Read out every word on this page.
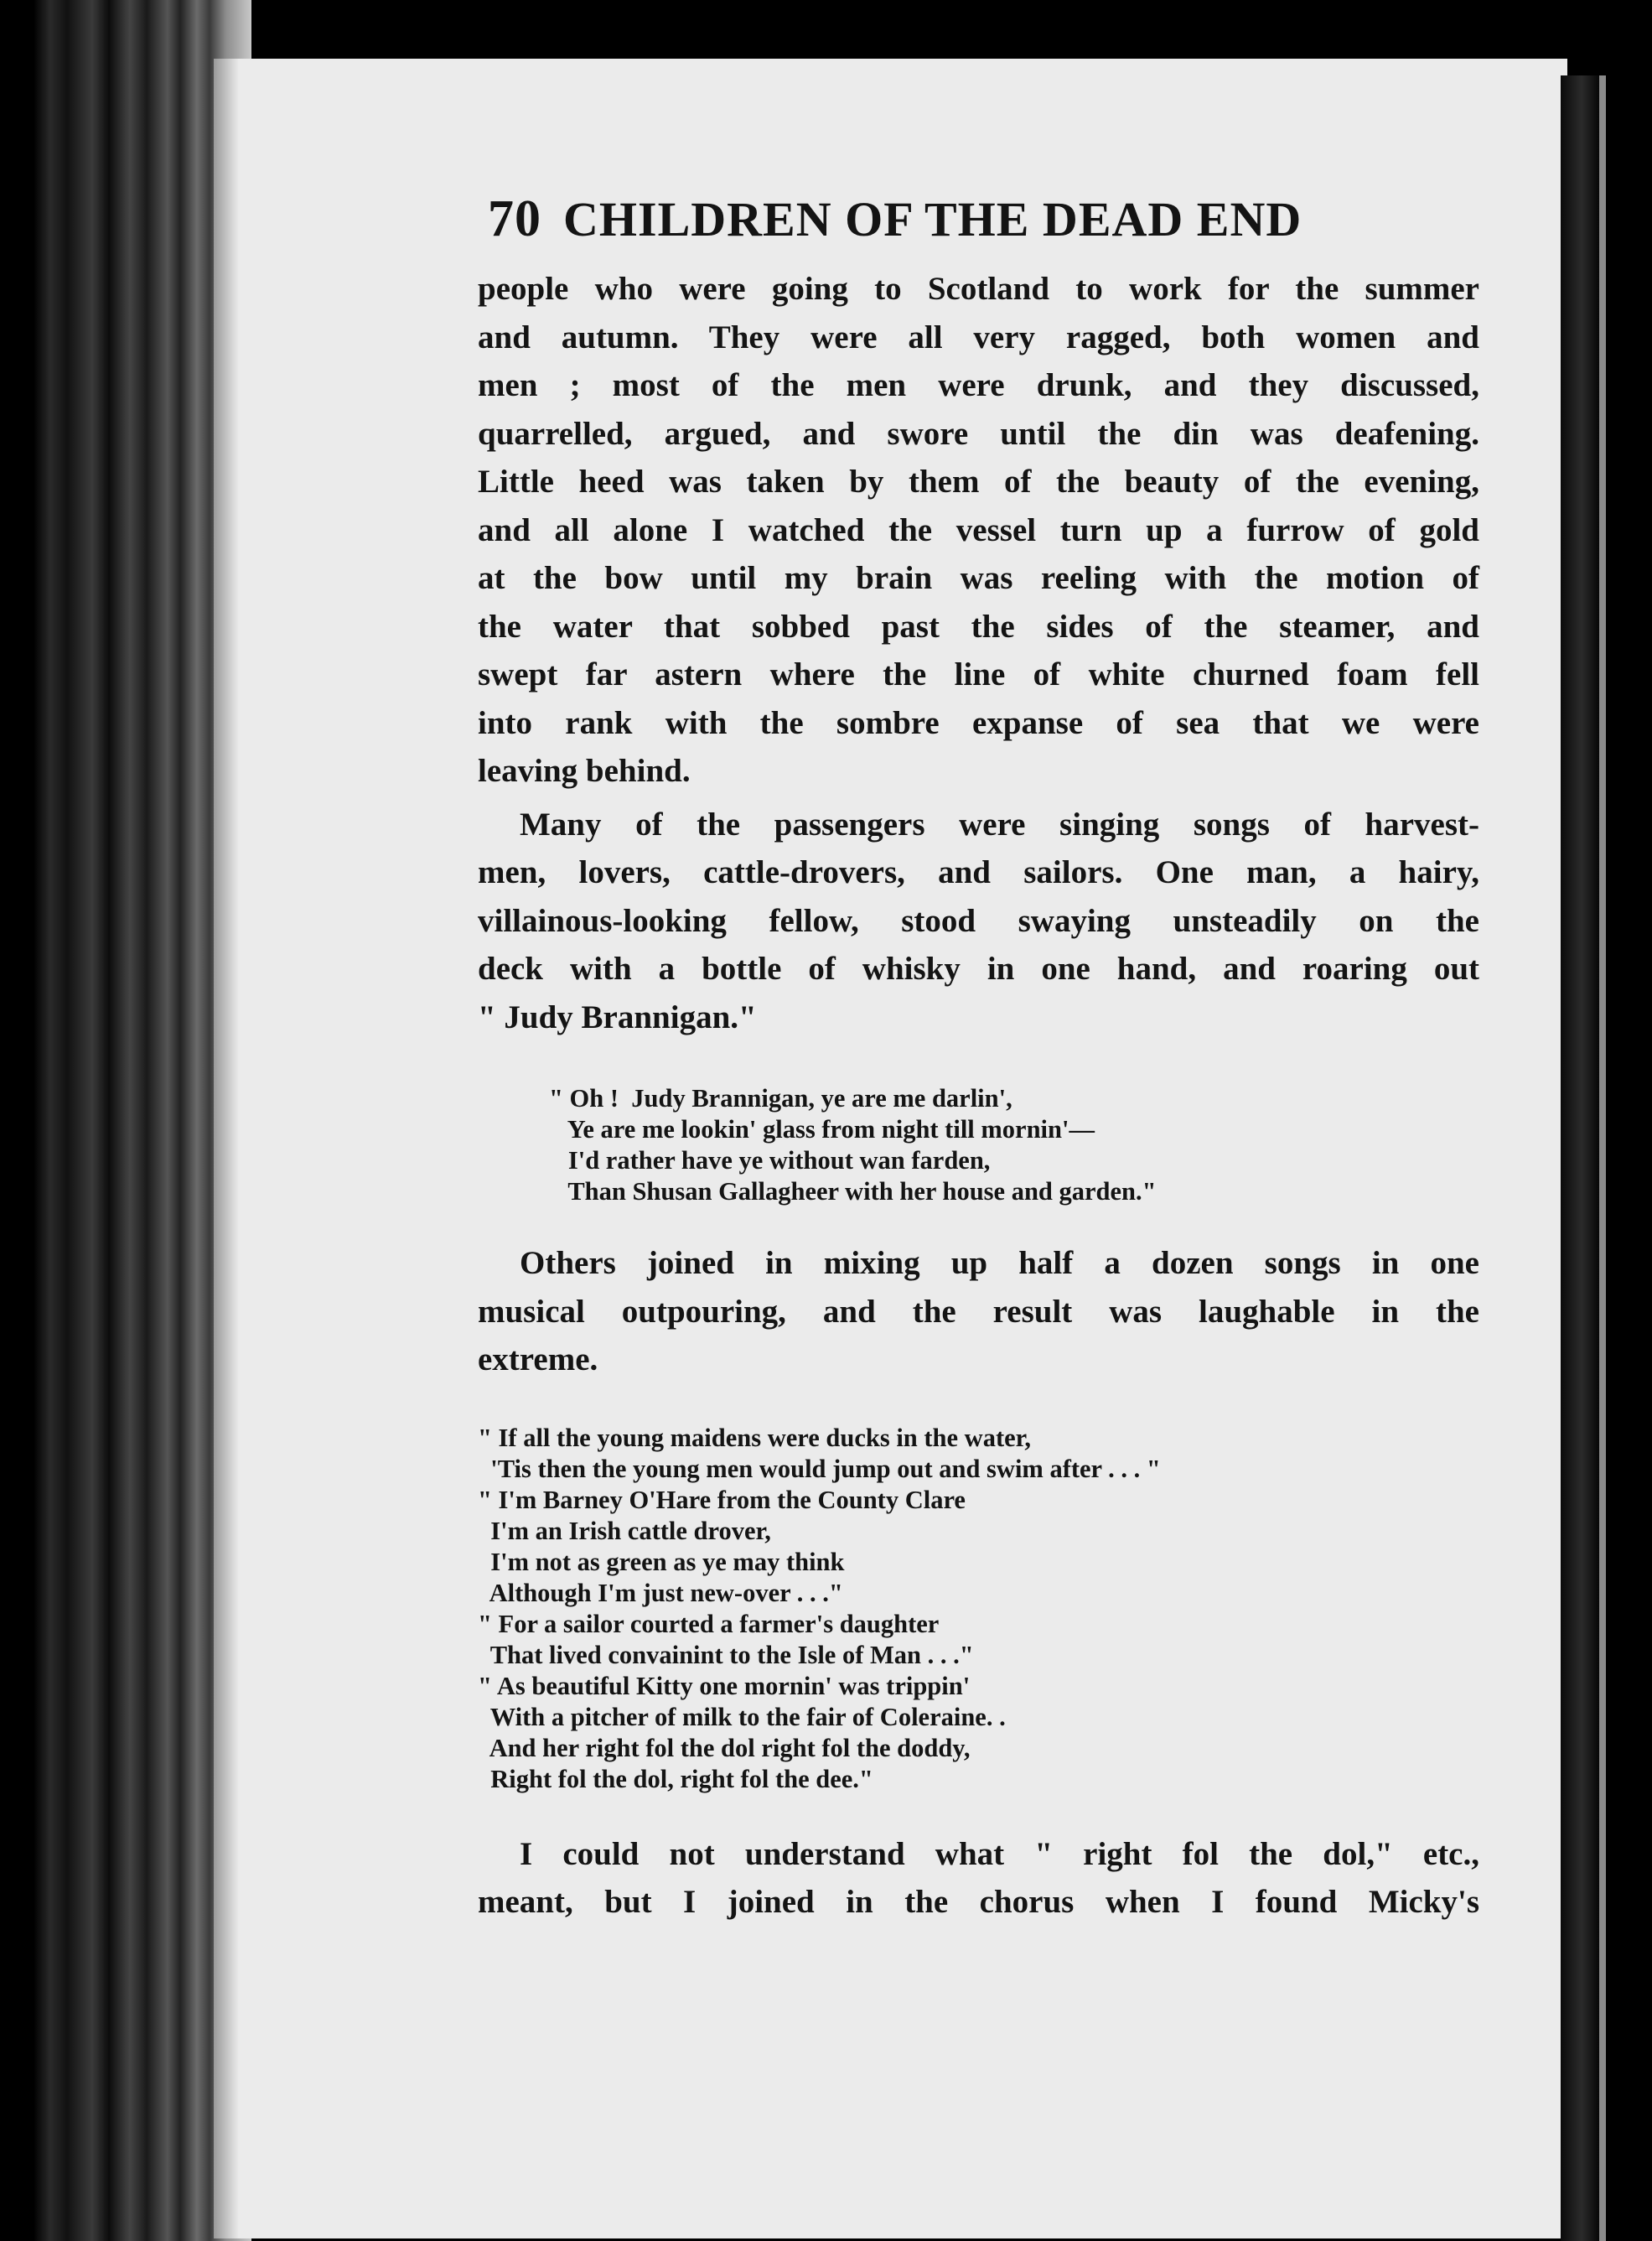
70 CHILDREN OF THE DEAD END

people who were going to Scotland to work for the summer
and autumn. They were all very ragged, both women and
men ; most of the men were drunk, and they discussed,
quarrelled, argued, and swore until the din was deafening.
Little heed was taken by them of the beauty of the evening,
and all alone I watched the vessel turn up a furrow of gold
at the bow until my brain was reeling with the motion of
the water that sobbed past the sides of the steamer, and
swept far astern where the line of white churned foam fell
into rank with the sombre expanse of sea that we were
leaving behind.

Many of the passengers were singing songs of harvest-
men, lovers, cattle-drovers, and sailors. One man, a hairy,
villainous-looking fellow, stood swaying unsteadily on the
deck with a bottle of whisky in one hand, and roaring out
" Judy Brannigan."

" Oh !  Judy Brannigan, ye are me darlin',
Ye are me lookin' glass from night till mornin'—
I'd rather have ye without wan farden,
Than Shusan Gallagheer with her house and garden."

Others joined in mixing up half a dozen songs in one
musical outpouring, and the result was laughable in the
extreme.

" If all the young maidens were ducks in the water,
'Tis then the young men would jump out and swim after . . . "
" I'm Barney O'Hare from the County Clare
I'm an Irish cattle drover,
I'm not as green as ye may think
Although I'm just new-over . . ."
" For a sailor courted a farmer's daughter
That lived convainint to the Isle of Man . . ."
" As beautiful Kitty one mornin' was trippin'
With a pitcher of milk to the fair of Coleraine. .
And her right fol the dol right fol the doddy,
Right fol the dol, right fol the dee."

I could not understand what " right fol the dol," etc.,
meant, but I joined in the chorus when I found Micky's
